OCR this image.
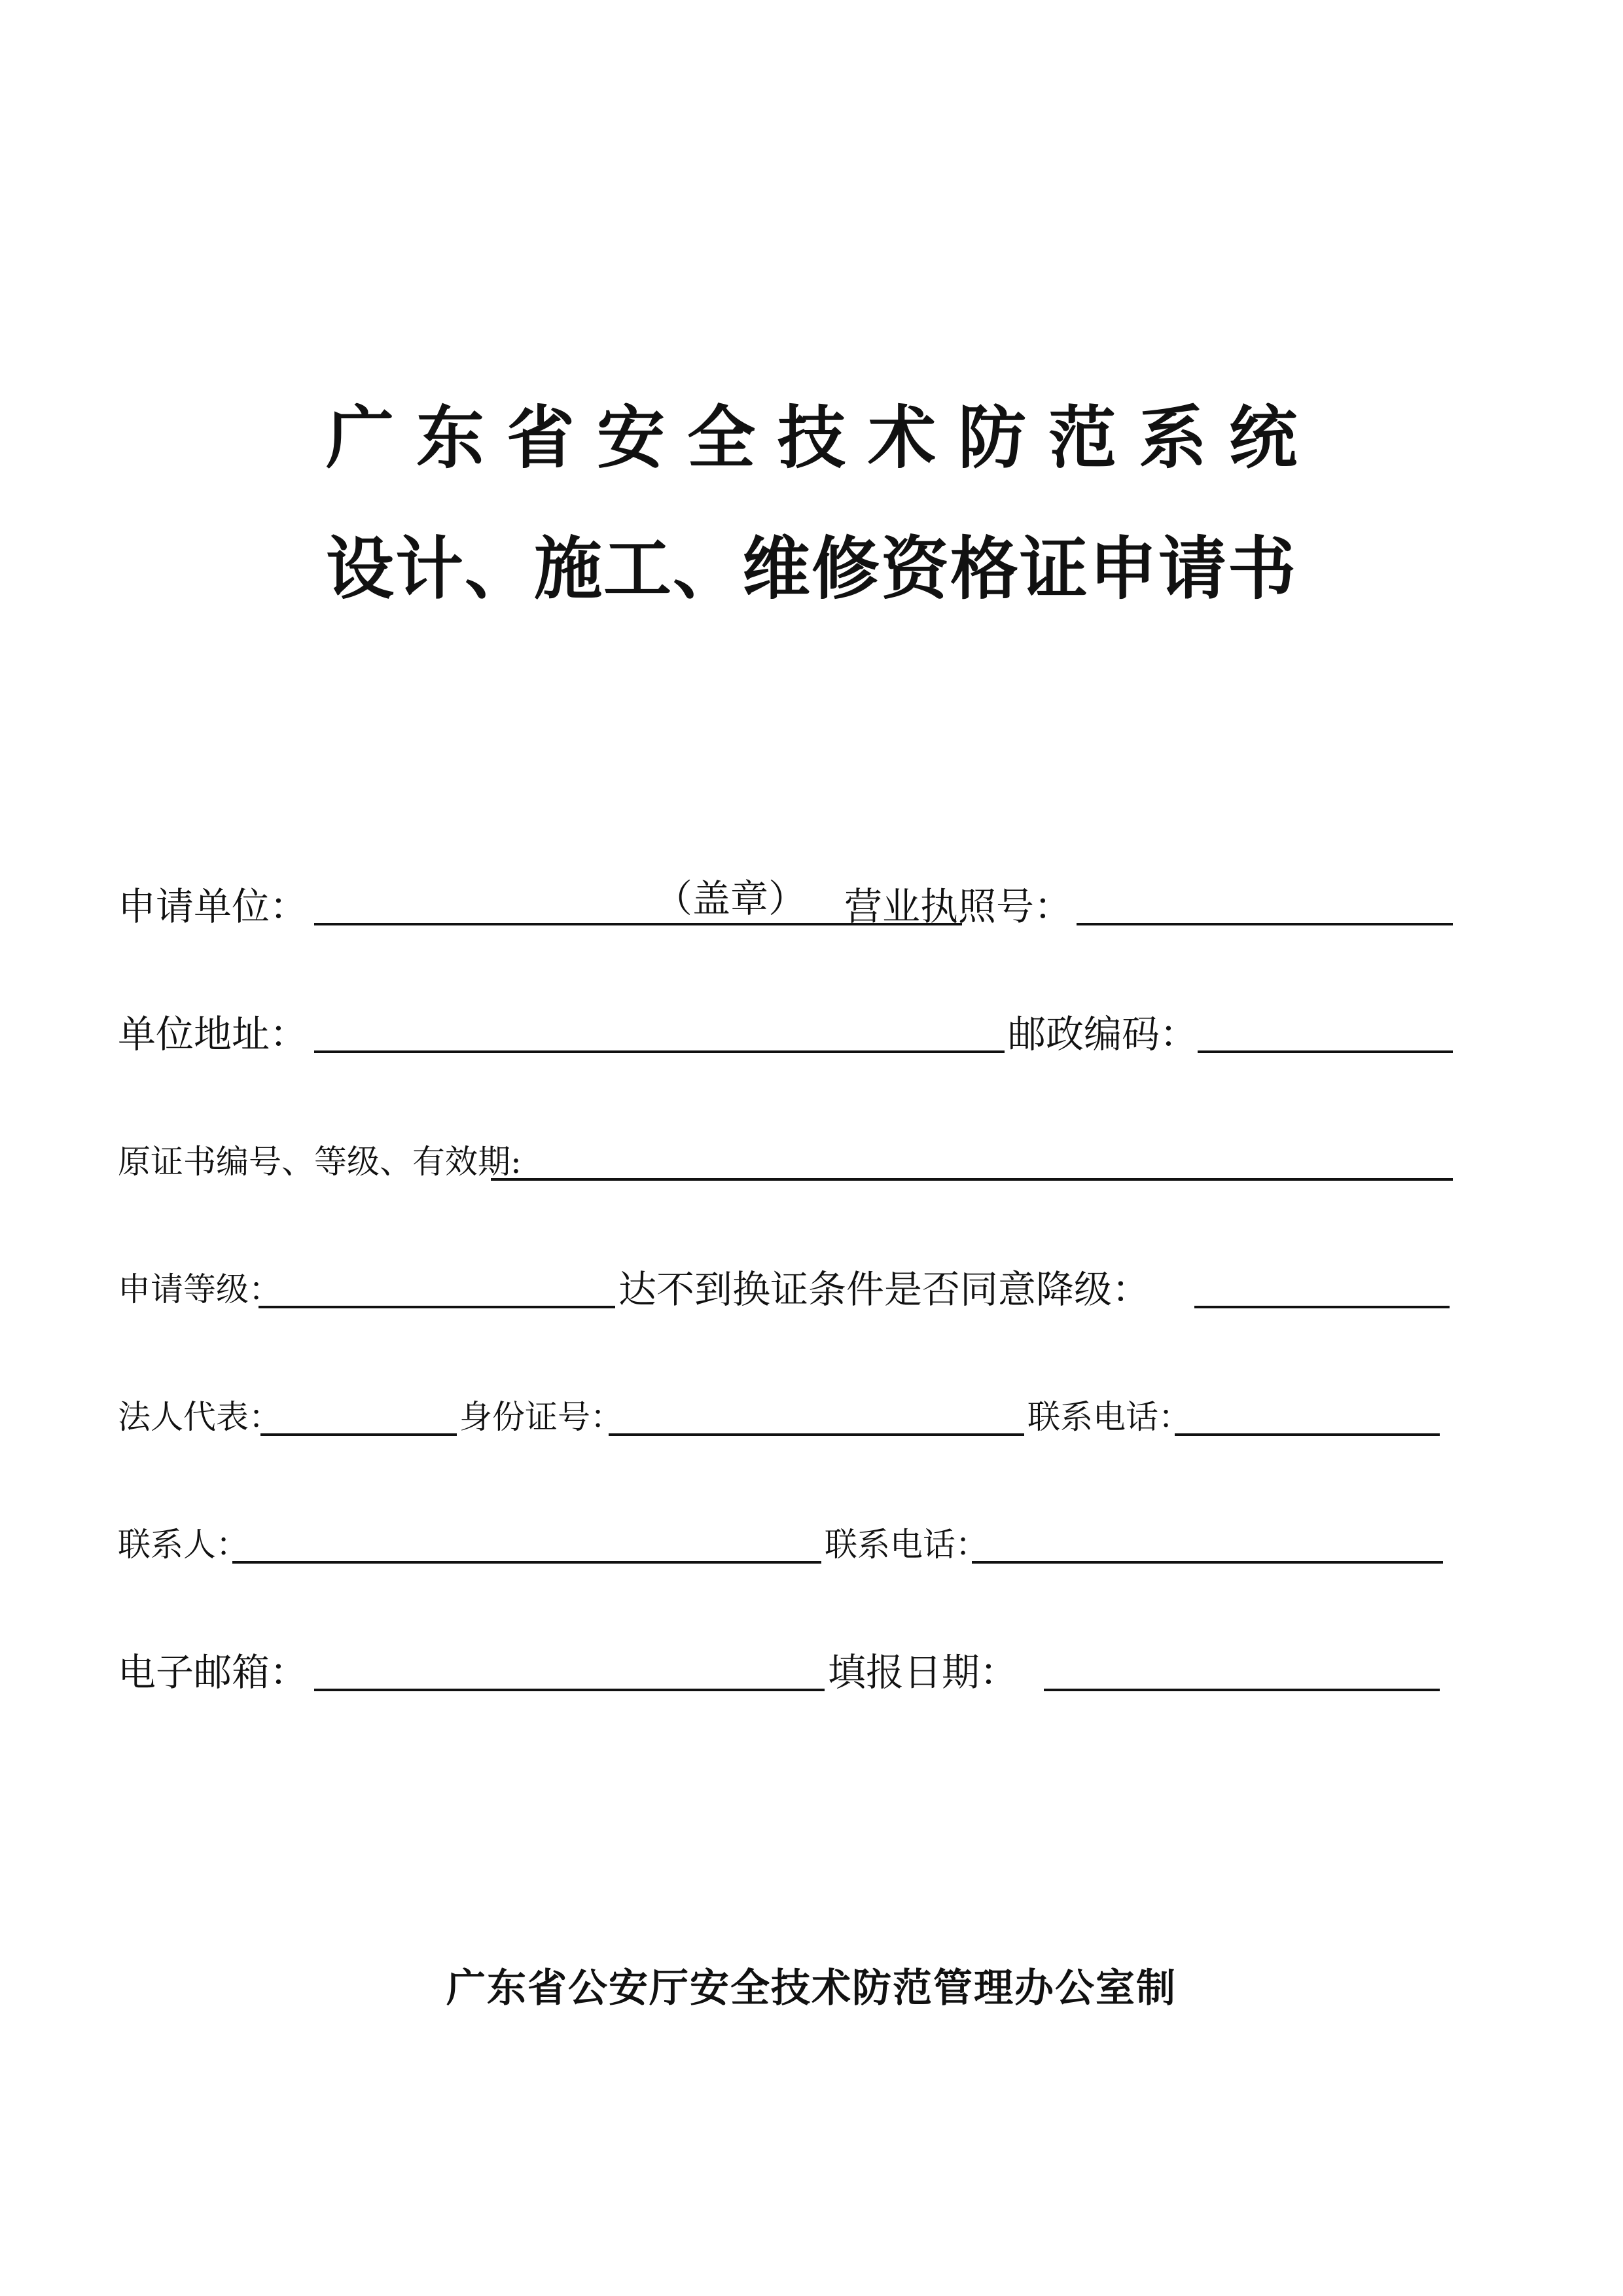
广东省安全技术防范系统
设计、施工、维修资格证申请书
申请单位：	（盖章） 营业执照号：
单位地址：	邮政编码：
原证书编号、等级、有效期:
申请等级：	达不到换证条件是否同意降级：
法人代表：	身份证号：	联系电话：
联系人：	联系电话：
电子邮箱：	填报日期：
广东省公安厅安全技术防范管理办公室制
